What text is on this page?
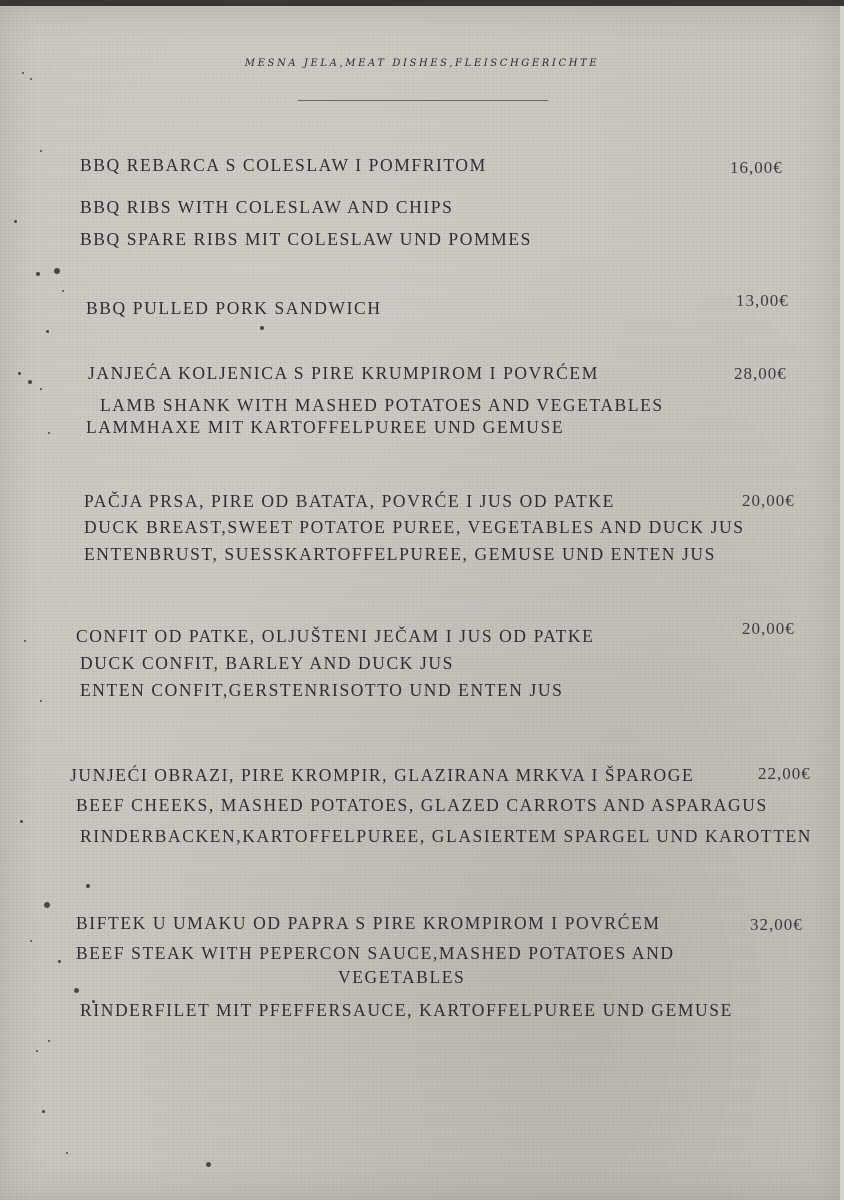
MESNA JELA,MEAT DISHES,FLEISCHGERICHTE
BBQ REBARCA S COLESLAW I POMFRITOM	16,00€
BBQ RIBS WITH COLESLAW AND CHIPS
BBQ SPARE RIBS MIT COLESLAW UND POMMES
BBQ PULLED PORK SANDWICH	13,00€
JANJEĆA KOLJENICA S PIRE KRUMPIROM I POVRĆEM	28,00€
LAMB SHANK WITH MASHED POTATOES AND VEGETABLES
LAMMHAXE MIT KARTOFFELPUREE UND GEMUSE
PAČJA PRSA, PIRE OD BATATA, POVRĆE I JUS OD PATKE	20,00€
DUCK BREAST,SWEET POTATOE PUREE, VEGETABLES AND DUCK JUS
ENTENBRUST, SUESSKARTOFFELPUREE, GEMUSE UND ENTEN JUS
CONFIT OD PATKE, OLJUŠTENI JEČAM I JUS OD PATKE	20,00€
DUCK CONFIT, BARLEY AND DUCK JUS
ENTEN CONFIT,GERSTENRISOTTO UND ENTEN JUS
JUNJEĆI OBRAZI, PIRE KROMPIR, GLAZIRANA MRKVA I ŠPAROGE	22,00€
BEEF CHEEKS, MASHED POTATOES, GLAZED CARROTS AND ASPARAGUS
RINDERBACKEN,KARTOFFELPUREE, GLASIERTEM SPARGEL UND KAROTTEN
BIFTEK U UMAKU OD PAPRA S PIRE KROMPIROM I POVRĆEM	32,00€
BEEF STEAK WITH PEPERCON SAUCE,MASHED POTATOES AND
VEGETABLES
RINDERFILET MIT PFEFFERSAUCE, KARTOFFELPUREE UND GEMUSE
